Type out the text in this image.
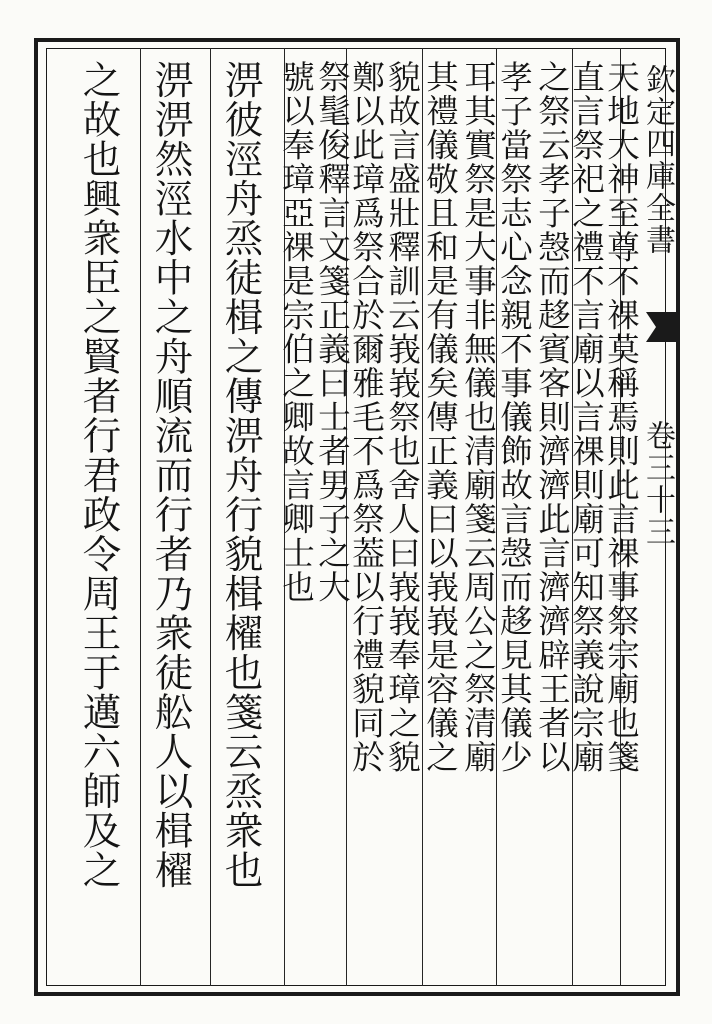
欽定四庫全書
卷三十三
天地大神至尊不祼莫稱焉則此言祼事祭宗廟也箋
直言祭祀之禮不言廟以言祼則廟可知祭義說宗廟
之祭云孝子愨而趍賓客則濟濟此言濟濟辟王者以
孝子當祭志心念親不事儀飾故言愨而趍見其儀少
耳其實祭是大事非無儀也清廟箋云周公之祭清廟
其禮儀敬且和是有儀矣傳正義曰以峩峩是容儀之
貌故言盛壯釋訓云峩峩祭也舍人曰峩峩奉璋之貌
鄭以此璋爲祭合於爾雅毛不爲祭葢以行禮貌同於
祭髦俊釋言文箋正義曰士者男子之大
號以奉璋亞祼是宗伯之卿故言卿士也
淠彼涇舟烝徒楫之傳淠舟行貌楫櫂也箋云烝衆也
淠淠然涇水中之舟順流而行者乃衆徒舩人以楫櫂
之故也興衆臣之賢者行君政令周王于邁六師及之
